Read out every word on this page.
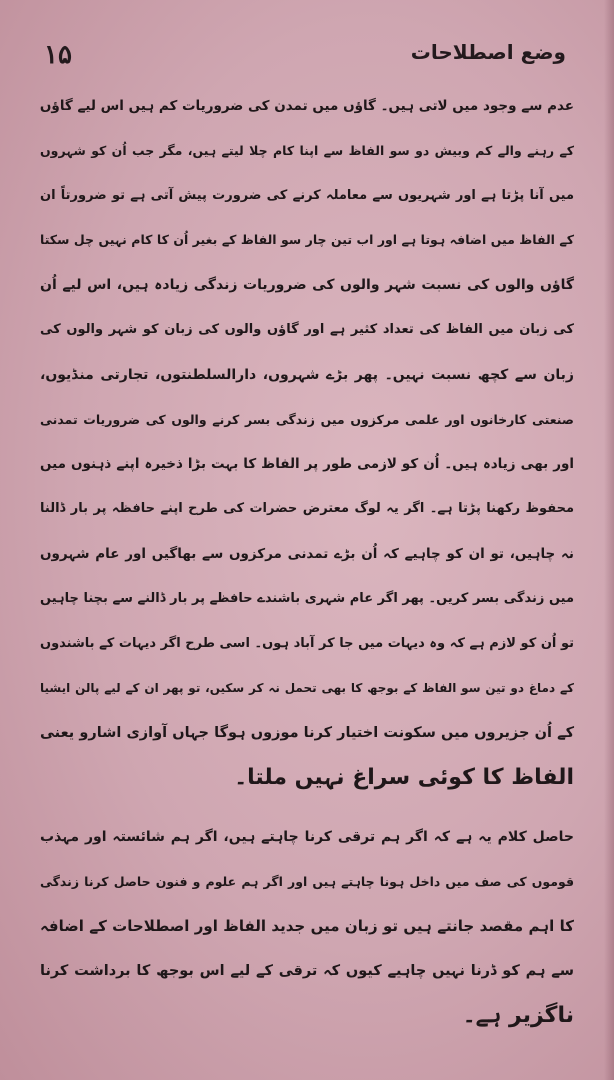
۱۵	وضع اصطلاحات

عدم سے وجود میں لاتی ہیں۔ گاؤں میں تمدن کی ضروریات کم ہیں اس لیے گاؤں
کے رہنے والے کم وبیش دو سو الفاظ سے اپنا کام چلا لیتے ہیں، مگر جب اُن کو شہروں
میں آنا پڑتا ہے اور شہریوں سے معاملہ کرنے کی ضرورت پیش آتی ہے تو ضرورتاً ان
کے الفاظ میں اضافہ ہوتا ہے اور اب تین چار سو الفاظ کے بغیر اُن کا کام نہیں چل سکتا
گاؤں والوں کی نسبت شہر والوں کی ضروریات زندگی زیادہ ہیں، اس لیے اُن
کی زبان میں الفاظ کی تعداد کثیر ہے اور گاؤں والوں کی زبان کو شہر والوں کی
زبان سے کچھ نسبت نہیں۔ پھر بڑے شہروں، دارالسلطنتوں، تجارتی منڈیوں،
صنعتی کارخانوں اور علمی مرکزوں میں زندگی بسر کرنے والوں کی ضروریات تمدنی
اور بھی زیادہ ہیں۔ اُن کو لازمی طور پر الفاظ کا بہت بڑا ذخیرہ اپنے ذہنوں میں
محفوظ رکھنا پڑتا ہے۔ اگر یہ لوگ معترض حضرات کی طرح اپنے حافظہ پر بار ڈالنا
نہ چاہیں، تو ان کو چاہیے کہ اُن بڑے تمدنی مرکزوں سے بھاگیں اور عام شہروں
میں زندگی بسر کریں۔ پھر اگر عام شہری باشندے حافظے پر بار ڈالنے سے بچنا چاہیں
تو اُن کو لازم ہے کہ وہ دیہات میں جا کر آباد ہوں۔ اسی طرح اگر دیہات کے باشندوں
کے دماغ دو تین سو الفاظ کے بوجھ کا بھی تحمل نہ کر سکیں، تو پھر ان کے لیے پالن ایشیا
کے اُن جزیروں میں سکونت اختیار کرنا موزوں ہوگا جہاں آوازی اشارو یعنی
الفاظ کا کوئی سراغ نہیں ملتا۔

حاصل کلام یہ ہے کہ اگر ہم ترقی کرنا چاہتے ہیں، اگر ہم شائستہ اور مہذب
قوموں کی صف میں داخل ہونا چاہتے ہیں اور اگر ہم علوم و فنون حاصل کرنا زندگی
کا اہم مقصد جانتے ہیں تو زبان میں جدید الفاظ اور اصطلاحات کے اضافہ
سے ہم کو ڈرنا نہیں چاہیے کیوں کہ ترقی کے لیے اس بوجھ کا برداشت کرنا
ناگزیر ہے۔
